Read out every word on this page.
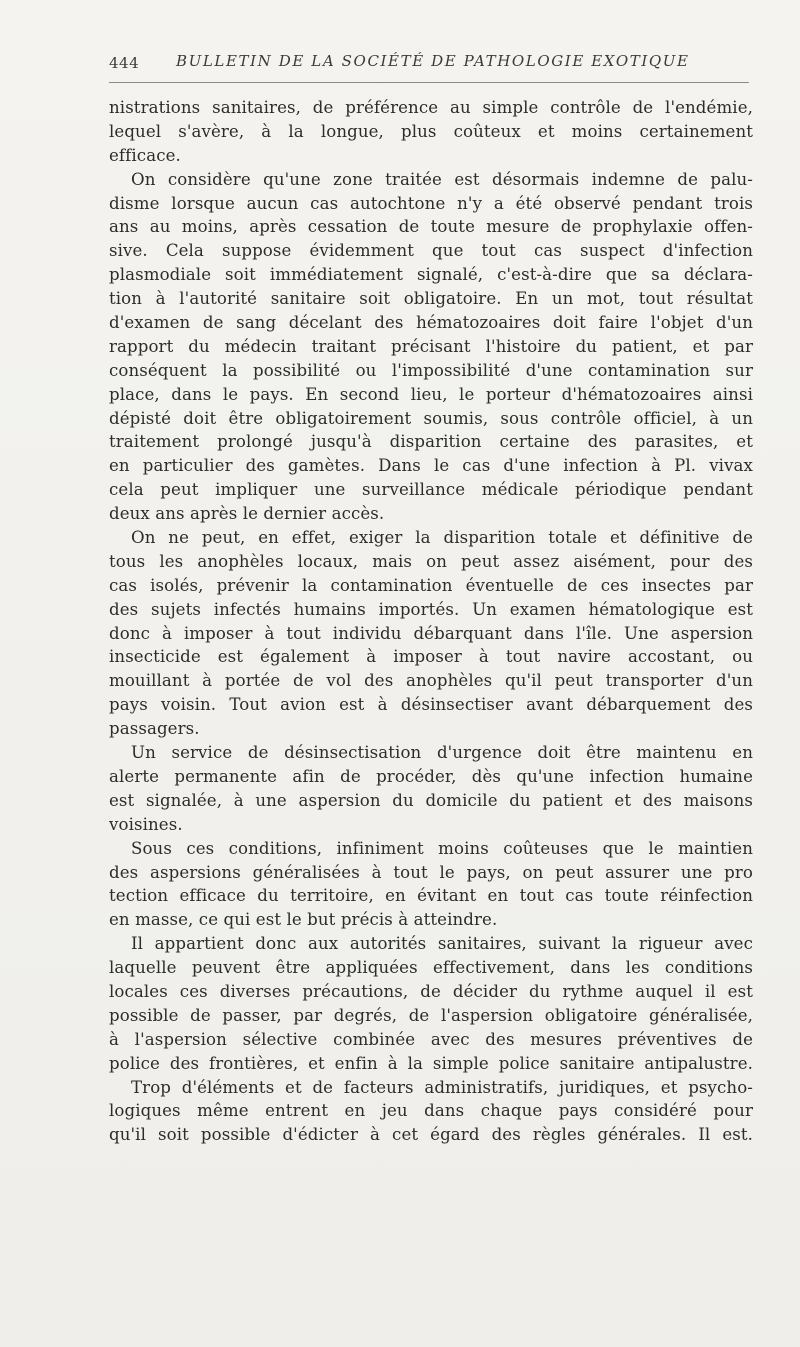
444 BULLETIN DE LA SOCIÉTÉ DE PATHOLOGIE EXOTIQUE
nistrations sanitaires, de préférence au simple contrôle de l'endémie,
lequel s'avère, à la longue, plus coûteux et moins certainement
efficace.
On considère qu'une zone traitée est désormais indemne de palu-
disme lorsque aucun cas autochtone n'y a été observé pendant trois
ans au moins, après cessation de toute mesure de prophylaxie offen-
sive. Cela suppose évidemment que tout cas suspect d'infection
plasmodiale soit immédiatement signalé, c'est-à-dire que sa déclara-
tion à l'autorité sanitaire soit obligatoire. En un mot, tout résultat
d'examen de sang décelant des hématozoaires doit faire l'objet d'un
rapport du médecin traitant précisant l'histoire du patient, et par
conséquent la possibilité ou l'impossibilité d'une contamination sur
place, dans le pays. En second lieu, le porteur d'hématozoaires ainsi
dépisté doit être obligatoirement soumis, sous contrôle officiel, à un
traitement prolongé jusqu'à disparition certaine des parasites, et
en particulier des gamètes. Dans le cas d'une infection à Pl. vivax
cela peut impliquer une surveillance médicale périodique pendant
deux ans après le dernier accès.
On ne peut, en effet, exiger la disparition totale et définitive de
tous les anophèles locaux, mais on peut assez aisément, pour des
cas isolés, prévenir la contamination éventuelle de ces insectes par
des sujets infectés humains importés. Un examen hématologique est
donc à imposer à tout individu débarquant dans l'île. Une aspersion
insecticide est également à imposer à tout navire accostant, ou
mouillant à portée de vol des anophèles qu'il peut transporter d'un
pays voisin. Tout avion est à désinsectiser avant débarquement des
passagers.
Un service de désinsectisation d'urgence doit être maintenu en
alerte permanente afin de procéder, dès qu'une infection humaine
est signalée, à une aspersion du domicile du patient et des maisons
voisines.
Sous ces conditions, infiniment moins coûteuses que le maintien
des aspersions généralisées à tout le pays, on peut assurer une pro
tection efficace du territoire, en évitant en tout cas toute réinfection
en masse, ce qui est le but précis à atteindre.
Il appartient donc aux autorités sanitaires, suivant la rigueur avec
laquelle peuvent être appliquées effectivement, dans les conditions
locales ces diverses précautions, de décider du rythme auquel il est
possible de passer, par degrés, de l'aspersion obligatoire généralisée,
à l'aspersion sélective combinée avec des mesures préventives de
police des frontières, et enfin à la simple police sanitaire antipalustre.
Trop d'éléments et de facteurs administratifs, juridiques, et psycho-
logiques même entrent en jeu dans chaque pays considéré pour
qu'il soit possible d'édicter à cet égard des règles générales. Il est.
